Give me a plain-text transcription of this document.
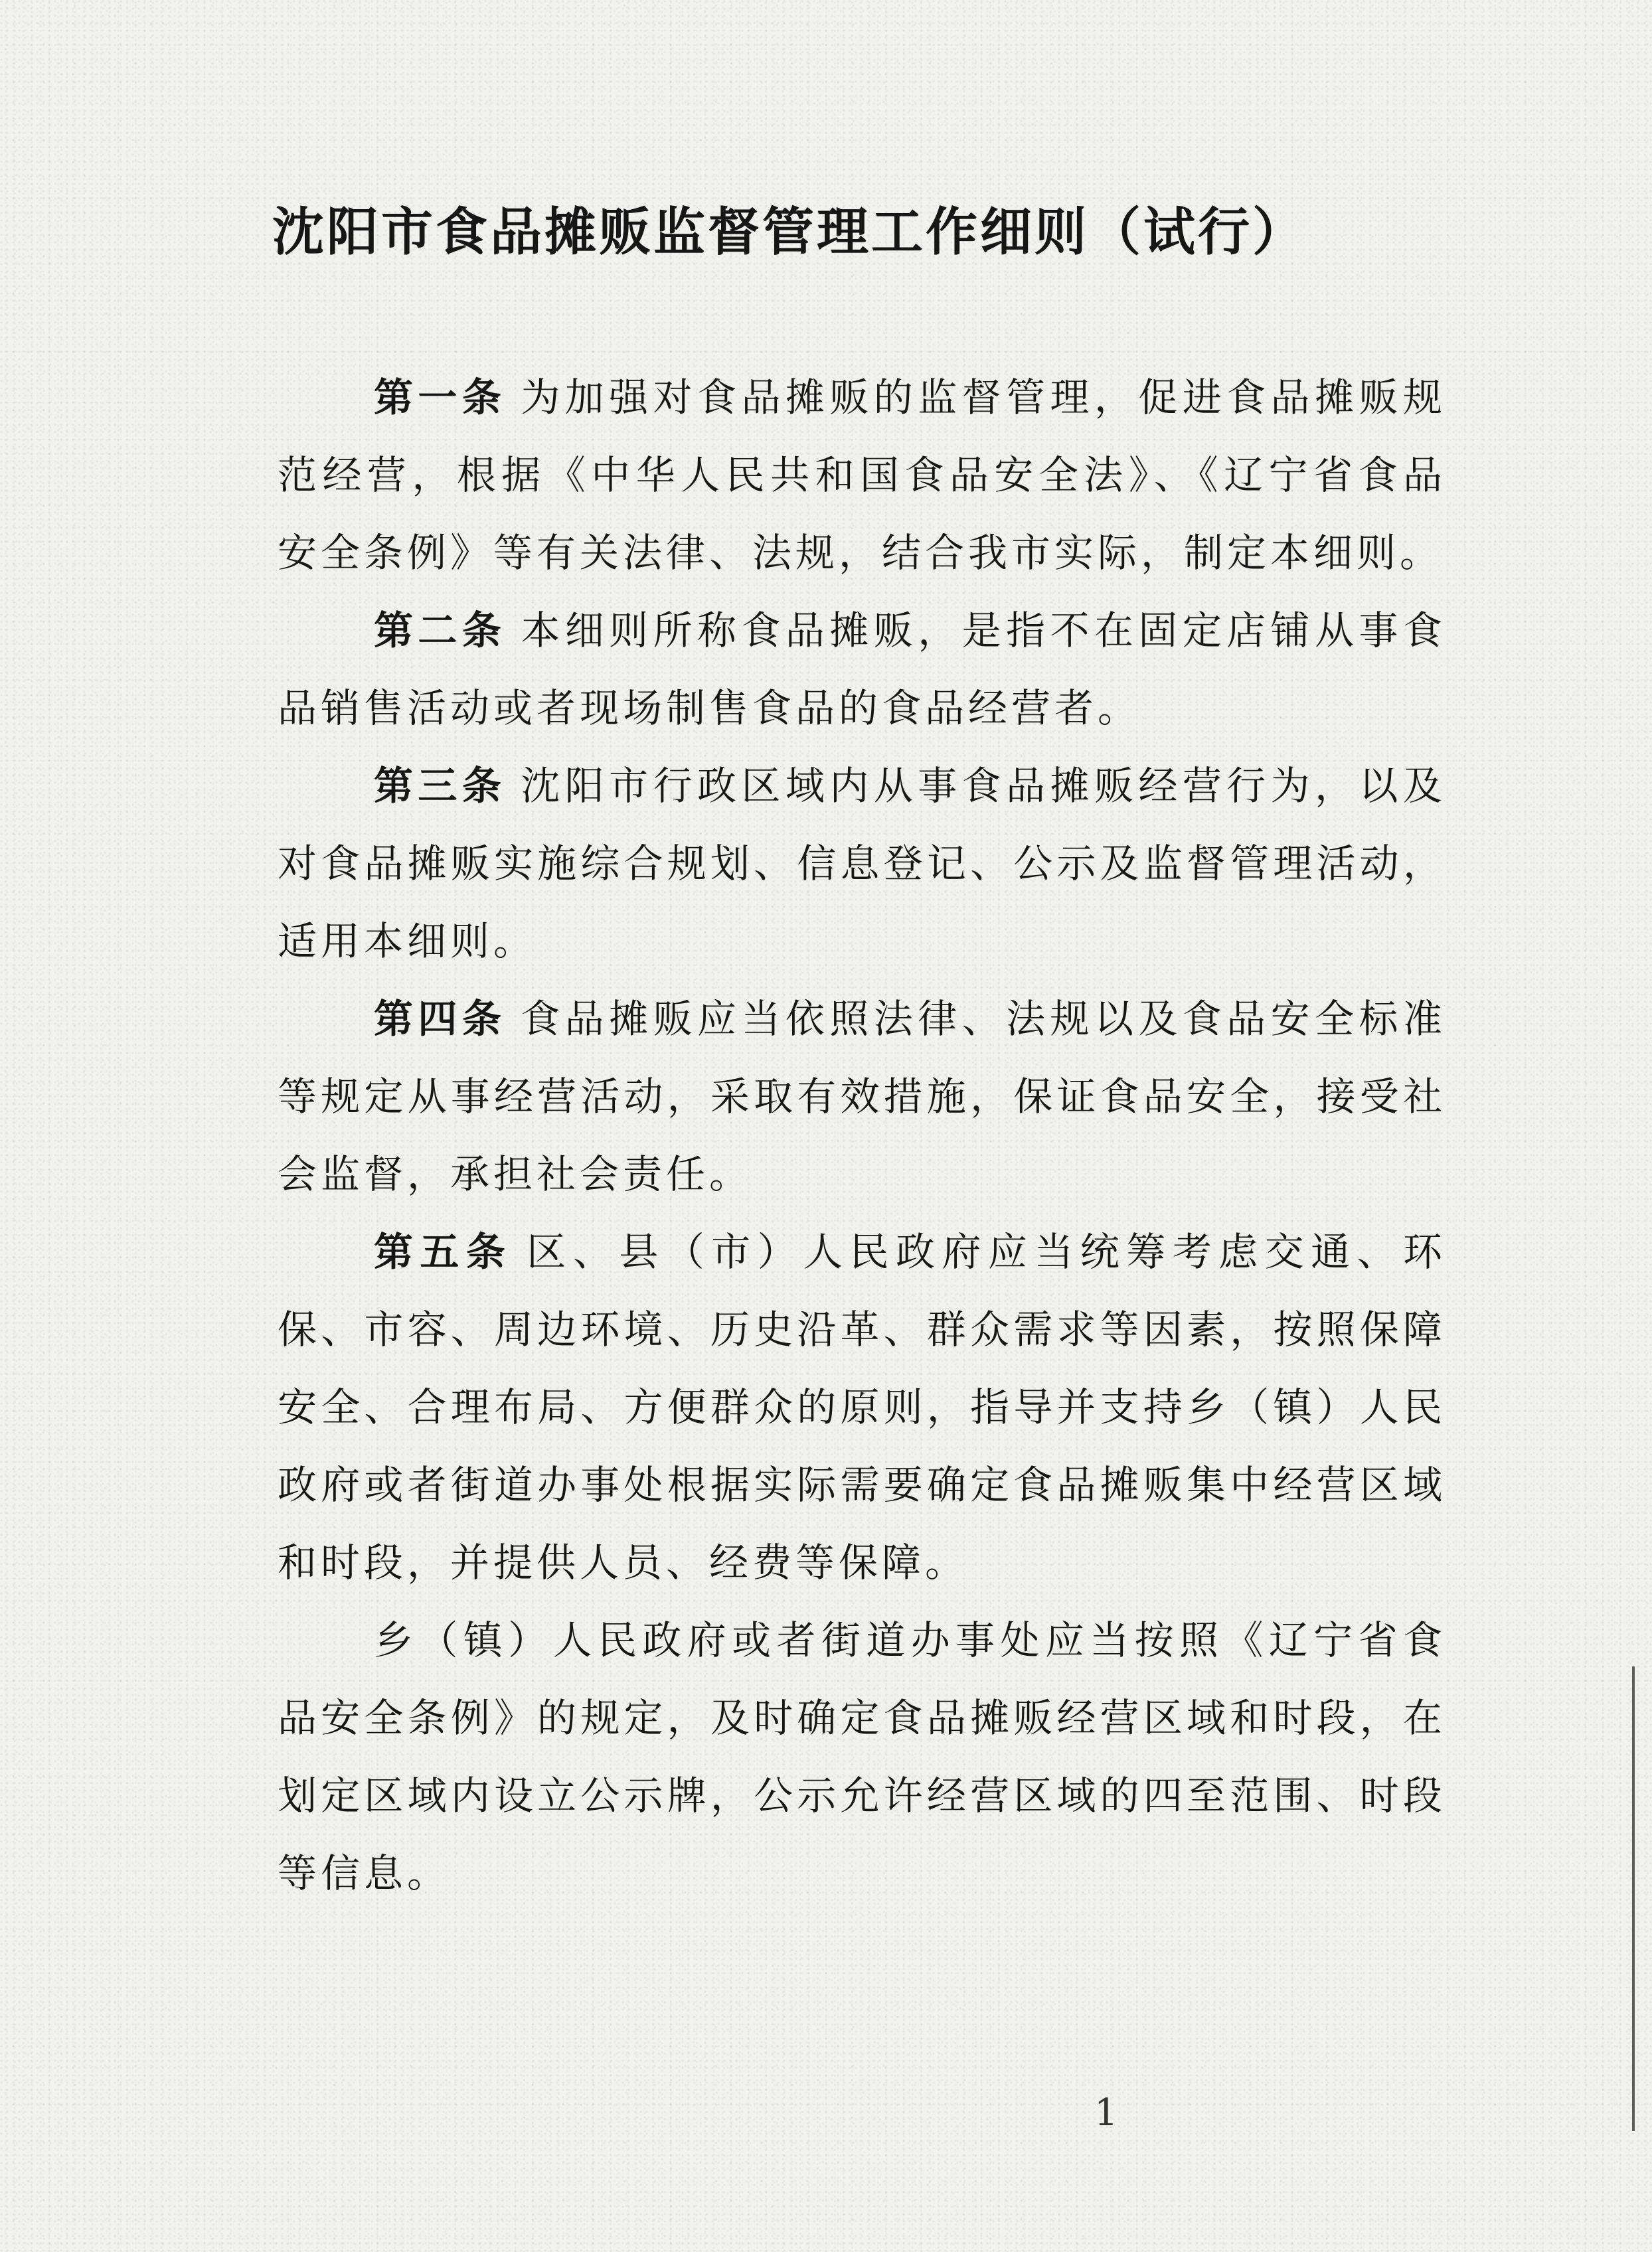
沈阳市食品摊贩监督管理工作细则（试行）

第一条 为加强对食品摊贩的监督管理，促进食品摊贩规范经营，根据《中华人民共和国食品安全法》、《辽宁省食品安全条例》等有关法律、法规，结合我市实际，制定本细则。

第二条 本细则所称食品摊贩，是指不在固定店铺从事食品销售活动或者现场制售食品的食品经营者。

第三条 沈阳市行政区域内从事食品摊贩经营行为，以及对食品摊贩实施综合规划、信息登记、公示及监督管理活动，适用本细则。

第四条 食品摊贩应当依照法律、法规以及食品安全标准等规定从事经营活动，采取有效措施，保证食品安全，接受社会监督，承担社会责任。

第五条 区、县（市）人民政府应当统筹考虑交通、环保、市容、周边环境、历史沿革、群众需求等因素，按照保障安全、合理布局、方便群众的原则，指导并支持乡（镇）人民政府或者街道办事处根据实际需要确定食品摊贩集中经营区域和时段，并提供人员、经费等保障。

乡（镇）人民政府或者街道办事处应当按照《辽宁省食品安全条例》的规定，及时确定食品摊贩经营区域和时段，在划定区域内设立公示牌，公示允许经营区域的四至范围、时段等信息。

1
